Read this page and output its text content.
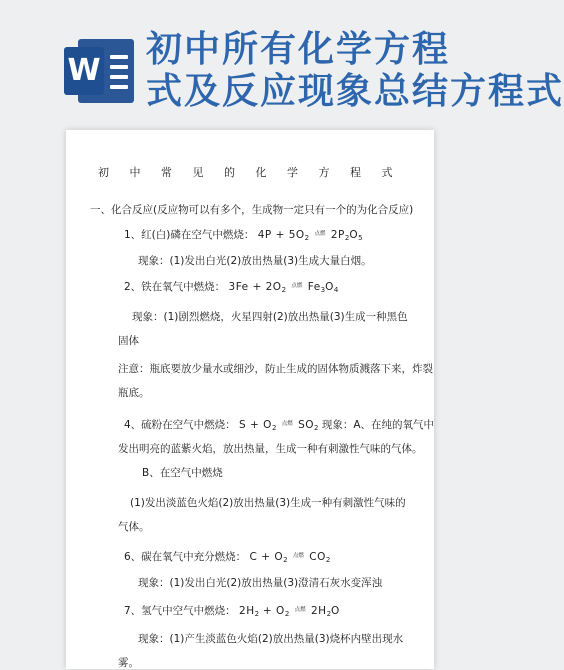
W
初中所有化学方程
式及反应现象总结方程式
初中常见的化学方程式
一、化合反应(反应物可以有多个，生成物一定只有一个的为化合反应)
1、红(白)磷在空气中燃烧： $4P + 5O_2$ 点燃 $2P_2O_5$
现象：(1)发出白光(2)放出热量(3)生成大量白烟。
2、铁在氧气中燃烧： $3Fe + 2O_2$ 点燃 $Fe_3O_4$
现象：(1)剧烈燃烧，火星四射(2)放出热量(3)生成一种黑色
固体
注意：瓶底要放少量水或细沙，防止生成的固体物质溅落下来，炸裂
瓶底。
4、硫粉在空气中燃烧： $S + O_2$ 点燃 $SO_2$ 现象：A、在纯的氧气中
发出明亮的蓝紫火焰，放出热量，生成一种有刺激性气味的气体。
B、在空气中燃烧
(1)发出淡蓝色火焰(2)放出热量(3)生成一种有刺激性气味的
气体。
6、碳在氧气中充分燃烧： $C + O_2$ 点燃 $CO_2$
现象：(1)发出白光(2)放出热量(3)澄清石灰水变浑浊
7、氢气中空气中燃烧： $2H_2 + O_2$ 点燃 $2H_2O$
现象：(1)产生淡蓝色火焰(2)放出热量(3)烧杯内壁出现水
雾。
